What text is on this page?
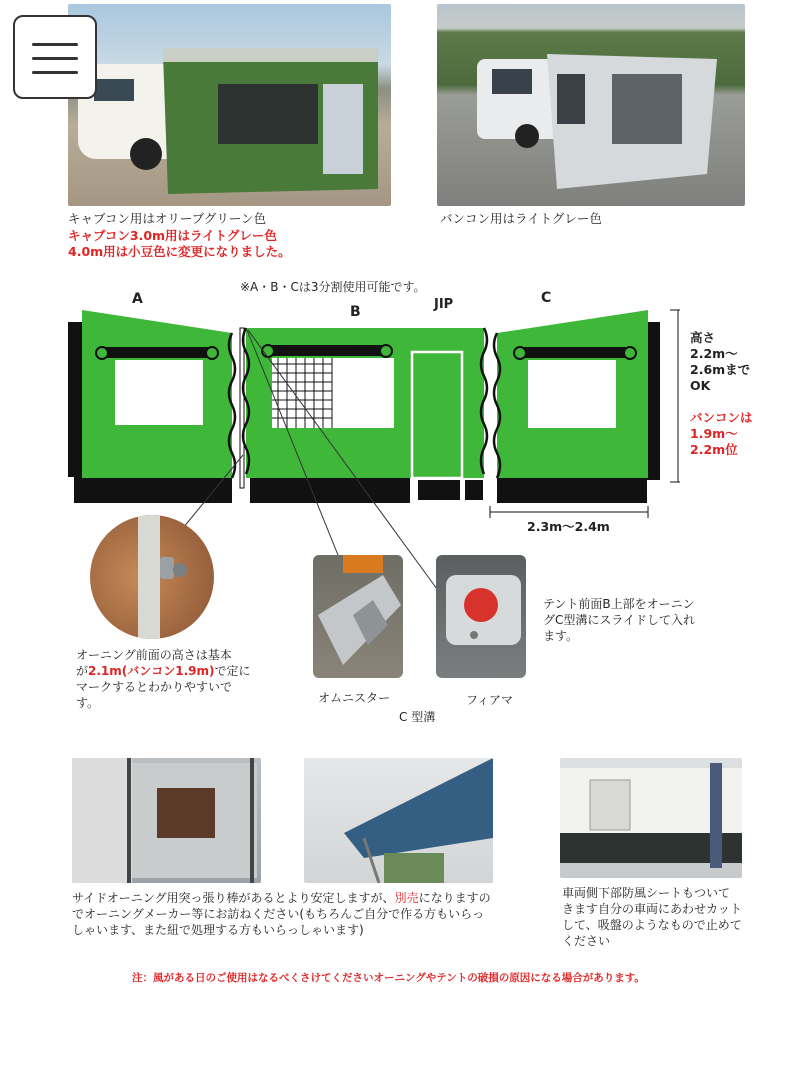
キャブコン用はオリーブグリーン色
キャブコン3.0m用はライトグレー色
4.0m用は小豆色に変更になりました。
バンコン用はライトグレー色
※A・B・Cは3分割使用可能です。
A
B	JIP	C
高さ
2.2m〜
2.6mまで
OK
バンコンは
1.9m〜
2.2m位
2.3m〜2.4m
オーニング前面の高さは基本
が2.1m(バンコン1.9m)で定に
マークするとわかりやすいで
す。	オムニスター
C 型溝
フィアマ
テント前面B上部をオーニン
グC型溝にスライドして入れ
ます。
サイドオーニング用突っ張り棒があるとより安定しますが、別売になりますの
でオーニングメーカー等にお訪ねください(もちろんご自分で作る方もいらっ
しゃいます、また紐で処理する方もいらっしゃいます)
車両側下部防風シートもついて
きます自分の車両にあわせカット
して、吸盤のようなもので止めて
ください
注：風がある日のご使用はなるべくさけてくださいオーニングやテントの破損の原因になる場合があります。
